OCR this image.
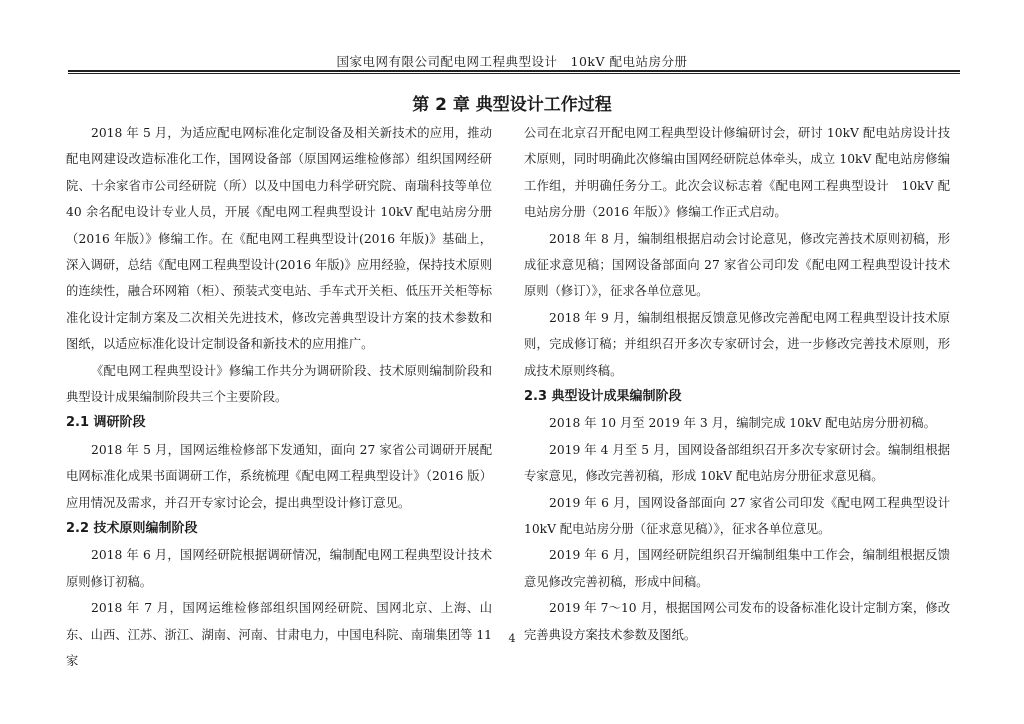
国家电网有限公司配电网工程典型设计　10kV 配电站房分册
第 2 章 典型设计工作过程

2018 年 5 月，为适应配电网标准化定制设备及相关新技术的应用，推动配电网建设改造标准化工作，国网设备部（原国网运维检修部）组织国网经研院、十余家省市公司经研院（所）以及中国电力科学研究院、南瑞科技等单位 40 余名配电设计专业人员，开展《配电网工程典型设计 10kV 配电站房分册（2016 年版）》修编工作。在《配电网工程典型设计(2016 年版)》基础上，深入调研，总结《配电网工程典型设计(2016 年版)》应用经验，保持技术原则的连续性，融合环网箱（柜）、预装式变电站、手车式开关柜、低压开关柜等标准化设计定制方案及二次相关先进技术，修改完善典型设计方案的技术参数和图纸，以适应标准化设计定制设备和新技术的应用推广。

《配电网工程典型设计》修编工作共分为调研阶段、技术原则编制阶段和典型设计成果编制阶段共三个主要阶段。

2.1 调研阶段

2018 年 5 月，国网运维检修部下发通知，面向 27 家省公司调研开展配电网标准化成果书面调研工作，系统梳理《配电网工程典型设计》（2016 版）应用情况及需求，并召开专家讨论会，提出典型设计修订意见。

2.2 技术原则编制阶段

2018 年 6 月，国网经研院根据调研情况，编制配电网工程典型设计技术原则修订初稿。

2018 年 7 月，国网运维检修部组织国网经研院、国网北京、上海、山东、山西、江苏、浙江、湖南、河南、甘肃电力，中国电科院、南瑞集团等 11 家

公司在北京召开配电网工程典型设计修编研讨会，研讨 10kV 配电站房设计技术原则，同时明确此次修编由国网经研院总体牵头，成立 10kV 配电站房修编工作组，并明确任务分工。此次会议标志着《配电网工程典型设计　10kV 配电站房分册（2016 年版）》修编工作正式启动。

2018 年 8 月，编制组根据启动会讨论意见，修改完善技术原则初稿，形成征求意见稿；国网设备部面向 27 家省公司印发《配电网工程典型设计技术原则（修订）》，征求各单位意见。

2018 年 9 月，编制组根据反馈意见修改完善配电网工程典型设计技术原则，完成修订稿；并组织召开多次专家研讨会，进一步修改完善技术原则，形成技术原则终稿。

2.3 典型设计成果编制阶段

2018 年 10 月至 2019 年 3 月，编制完成 10kV 配电站房分册初稿。

2019 年 4 月至 5 月，国网设备部组织召开多次专家研讨会。编制组根据专家意见，修改完善初稿，形成 10kV 配电站房分册征求意见稿。

2019 年 6 月，国网设备部面向 27 家省公司印发《配电网工程典型设计　10kV 配电站房分册（征求意见稿）》，征求各单位意见。

2019 年 6 月，国网经研院组织召开编制组集中工作会，编制组根据反馈意见修改完善初稿，形成中间稿。

2019 年 7～10 月，根据国网公司发布的设备标准化设计定制方案，修改完善典设方案技术参数及图纸。

4
